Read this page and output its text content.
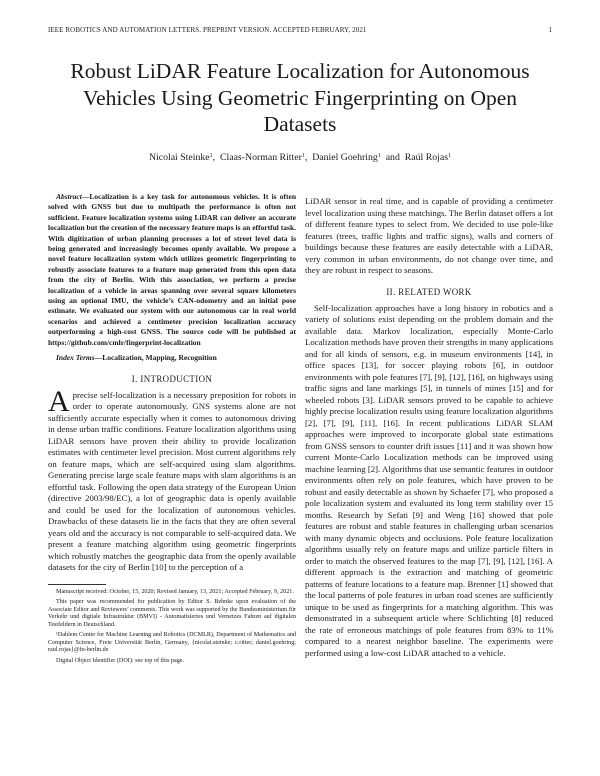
IEEE ROBOTICS AND AUTOMATION LETTERS. PREPRINT VERSION. ACCEPTED FEBRUARY, 2021	1
Robust LiDAR Feature Localization for Autonomous Vehicles Using Geometric Fingerprinting on Open Datasets
Nicolai Steinke$^1$,  Claas-Norman Ritter$^1$,  Daniel Goehring$^1$  and  Raúl Rojas$^1$

Abstract—Localization is a key task for autonomous vehicles. It is often solved with GNSS but due to multipath the performance is often not sufficient. Feature localization systems using LiDAR can deliver an accurate localization but the creation of the necessary feature maps is an effortful task. With digitization of urban planning processes a lot of street level data is being generated and increasingly becomes openly available. We propose a novel feature localization system which utilizes geometric fingerprinting to robustly associate features to a feature map generated from this open data from the city of Berlin. With this association, we perform a precise localization of a vehicle in areas spanning over several square kilometers using an optional IMU, the vehicle’s CAN-odometry and an initial pose estimate. We evaluated our system with our autonomous car in real world scenarios and achieved a centimeter precision localization accuracy outperforming a high-cost GNSS. The source code will be published at https://github.com/cmlr/fingerprint-localization

Index Terms—Localization, Mapping, Recognition

I. INTRODUCTION

Aprecise self-localization is a necessary preposition for robots in order to operate autonomously. GNS systems alone are not sufficiently accurate especially when it comes to autonomous driving in dense urban traffic conditions. Feature localization algorithms using LiDAR sensors have proven their ability to provide localization estimates with centimeter level precision. Most current algorithms rely on feature maps, which are self-acquired using slam algorithms. Generating precise large scale feature maps with slam algorithms is an effortful task. Following the open data strategy of the European Union (directive 2003/98/EC), a lot of geographic data is openly available and could be used for the localization of autonomous vehicles. Drawbacks of these datasets lie in the facts that they are often several years old and the accuracy is not comparable to self-acquired data. We present a feature matching algorithm using geometric fingerprints which robustly matches the geographic data from the openly available datasets for the city of Berlin [10] to the perception of a

Manuscript received: October, 15, 2020; Revised January, 13, 2021; Accepted February, 9, 2021.

This paper was recommended for publication by Editor S. Behnke upon evaluation of the Associate Editor and Reviewers’ comments. This work was supported by the Bundesministerium für Verkehr und digitale Infrastruktur (BMVI) - Automatisiertes und Vernetzes Fahren auf digitalen Testfeldern in Deutschland.

¹Dahlem Center for Machine Learning and Robotics (DCMLR), Department of Mathematics and Computer Science, Freie Universität Berlin, Germany, {nicolai.steinke; c.ritter; daniel.goehring; raul.rojas}@fu-berlin.de

Digital Object Identifier (DOI): see top of this page.

LiDAR sensor in real time, and is capable of providing a centimeter level localization using these matchings. The Berlin dataset offers a lot of different feature types to select from. We decided to use pole-like features (trees, traffic lights and traffic signs), walls and corners of buildings because these features are easily detectable with a LiDAR, very common in urban environments, do not change over time, and they are robust in respect to seasons.

II. RELATED WORK

Self-localization approaches have a long history in robotics and a variety of solutions exist depending on the problem domain and the available data. Markov localization, especially Monte-Carlo Localization methods have proven their strengths in many applications and for all kinds of sensors, e.g. in museum environments [14], in office spaces [13], for soccer playing robots [6], in outdoor environments with pole features [7], [9], [12], [16], on highways using traffic signs and lane markings [5], in tunnels of mines [15] and for wheeled robots [3]. LiDAR sensors proved to be capable to achieve highly precise localization results using feature localization algorithms [2], [7], [9], [11], [16]. In recent publications LiDAR SLAM approaches were improved to incorporate global state estimations from GNSS sensors to counter drift issues [11] and it was shown how current Monte-Carlo Localization methods can be improved using machine learning [2]. Algorithms that use semantic features in outdoor environments often rely on pole features, which have proven to be robust and easily detectable as shown by Schaefer [7], who proposed a pole localization system and evaluated its long term stability over 15 months. Research by Sefati [9] and Weng [16] showed that pole features are robust and stable features in challenging urban scenarios with many dynamic objects and occlusions. Pole feature localization algorithms usually rely on feature maps and utilize particle filters in order to match the observed features to the map [7], [9], [12], [16]. A different approach is the extraction and matching of geometric patterns of feature locations to a feature map. Brenner [1] showed that the local patterns of pole features in urban road scenes are sufficiently unique to be used as fingerprints for a matching algorithm. This was demonstrated in a subsequent article where Schlichting [8] reduced the rate of erroneous matchings of pole features from 83% to 11% compared to a nearest neighbor baseline. The experiments were performed using a low-cost LiDAR attached to a vehicle.
